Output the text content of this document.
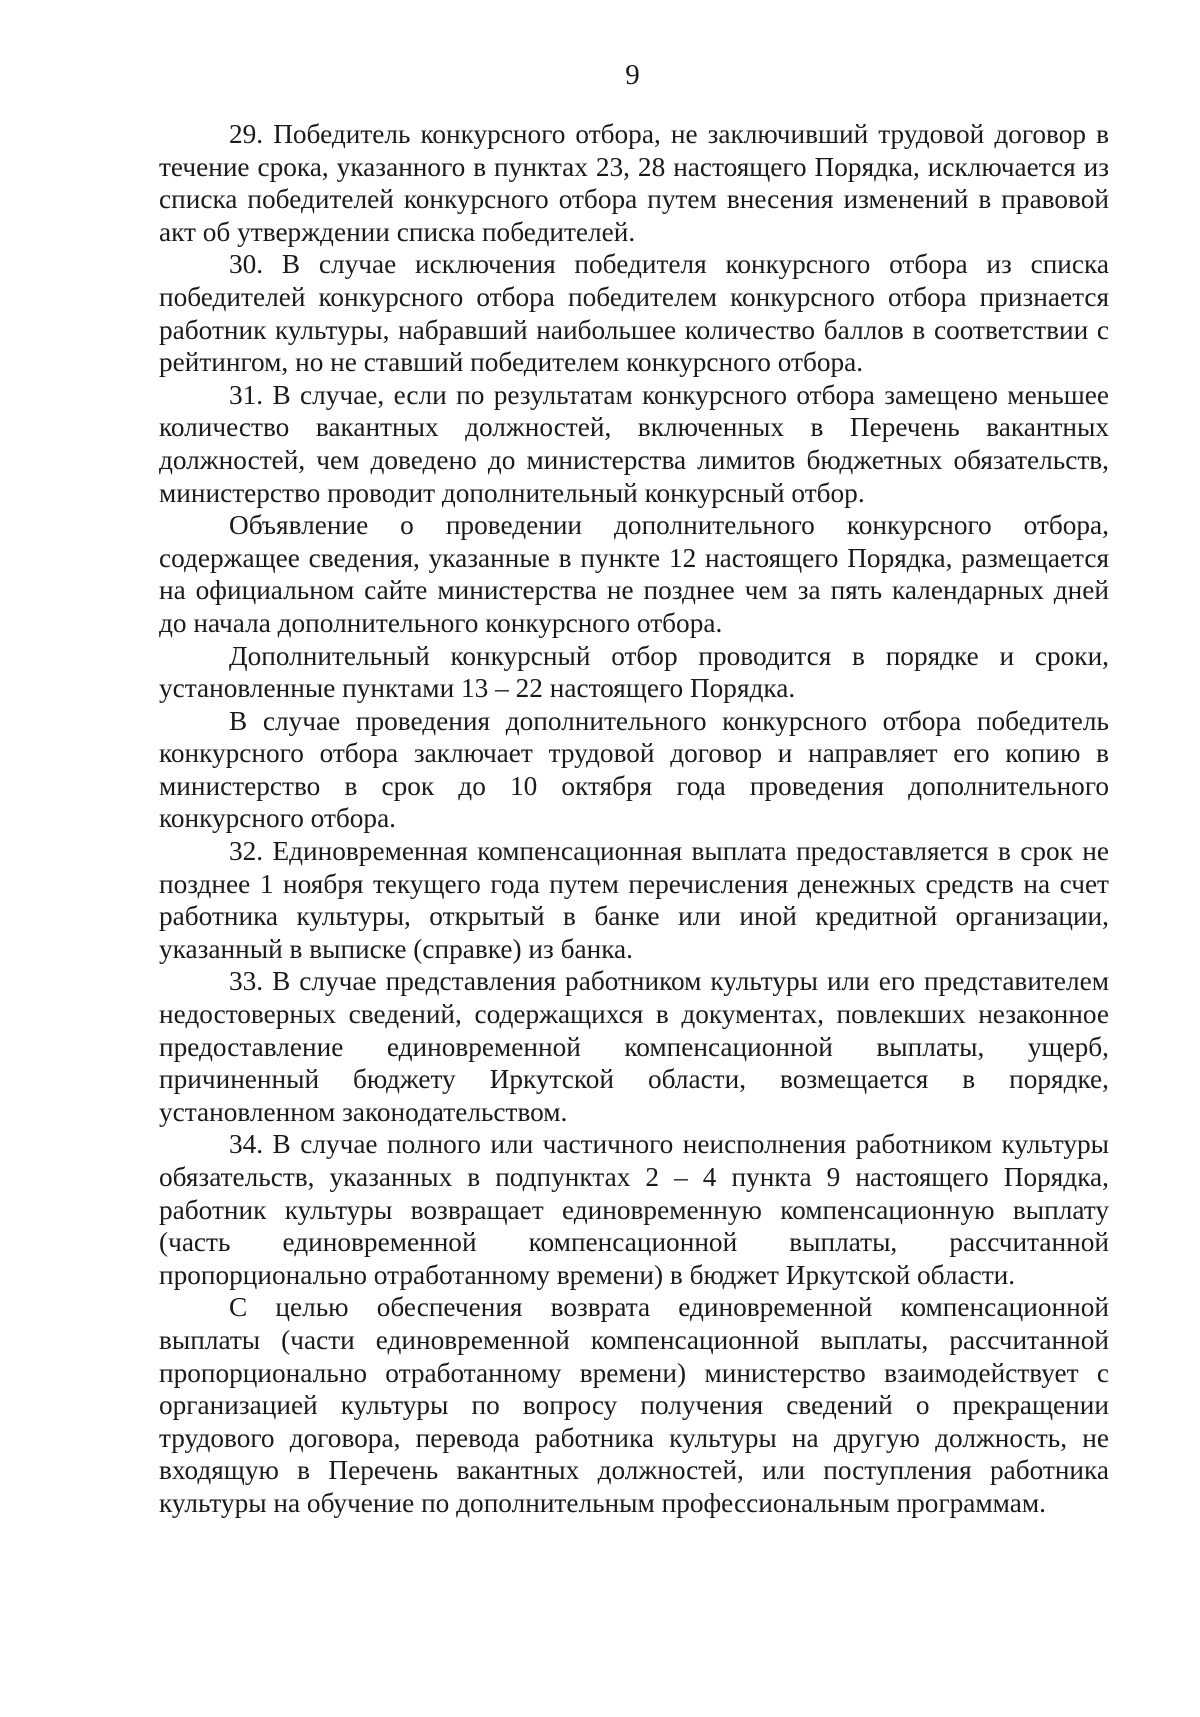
9

29. Победитель конкурсного отбора, не заключивший трудовой договор в течение срока, указанного в пунктах 23, 28 настоящего Порядка, исключается из списка победителей конкурсного отбора путем внесения изменений в правовой акт об утверждении списка победителей.

30. В случае исключения победителя конкурсного отбора из списка победителей конкурсного отбора победителем конкурсного отбора признается работник культуры, набравший наибольшее количество баллов в соответствии с рейтингом, но не ставший победителем конкурсного отбора.

31. В случае, если по результатам конкурсного отбора замещено меньшее количество вакантных должностей, включенных в Перечень вакантных должностей, чем доведено до министерства лимитов бюджетных обязательств, министерство проводит дополнительный конкурсный отбор.

Объявление о проведении дополнительного конкурсного отбора, содержащее сведения, указанные в пункте 12 настоящего Порядка, размещается на официальном сайте министерства не позднее чем за пять календарных дней до начала дополнительного конкурсного отбора.

Дополнительный конкурсный отбор проводится в порядке и сроки, установленные пунктами 13 – 22 настоящего Порядка.

В случае проведения дополнительного конкурсного отбора победитель конкурсного отбора заключает трудовой договор и направляет его копию в министерство в срок до 10 октября года проведения дополнительного конкурсного отбора.

32. Единовременная компенсационная выплата предоставляется в срок не позднее 1 ноября текущего года путем перечисления денежных средств на счет работника культуры, открытый в банке или иной кредитной организации, указанный в выписке (справке) из банка.

33. В случае представления работником культуры или его представителем недостоверных сведений, содержащихся в документах, повлекших незаконное предоставление единовременной компенсационной выплаты, ущерб, причиненный бюджету Иркутской области, возмещается в порядке, установленном законодательством.

34. В случае полного или частичного неисполнения работником культуры обязательств, указанных в подпунктах 2 – 4 пункта 9 настоящего Порядка, работник культуры возвращает единовременную компенсационную выплату (часть единовременной компенсационной выплаты, рассчитанной пропорционально отработанному времени) в бюджет Иркутской области.

С целью обеспечения возврата единовременной компенсационной выплаты (части единовременной компенсационной выплаты, рассчитанной пропорционально отработанному времени) министерство взаимодействует с организацией культуры по вопросу получения сведений о прекращении трудового договора, перевода работника культуры на другую должность, не входящую в Перечень вакантных должностей, или поступления работника культуры на обучение по дополнительным профессиональным программам.
